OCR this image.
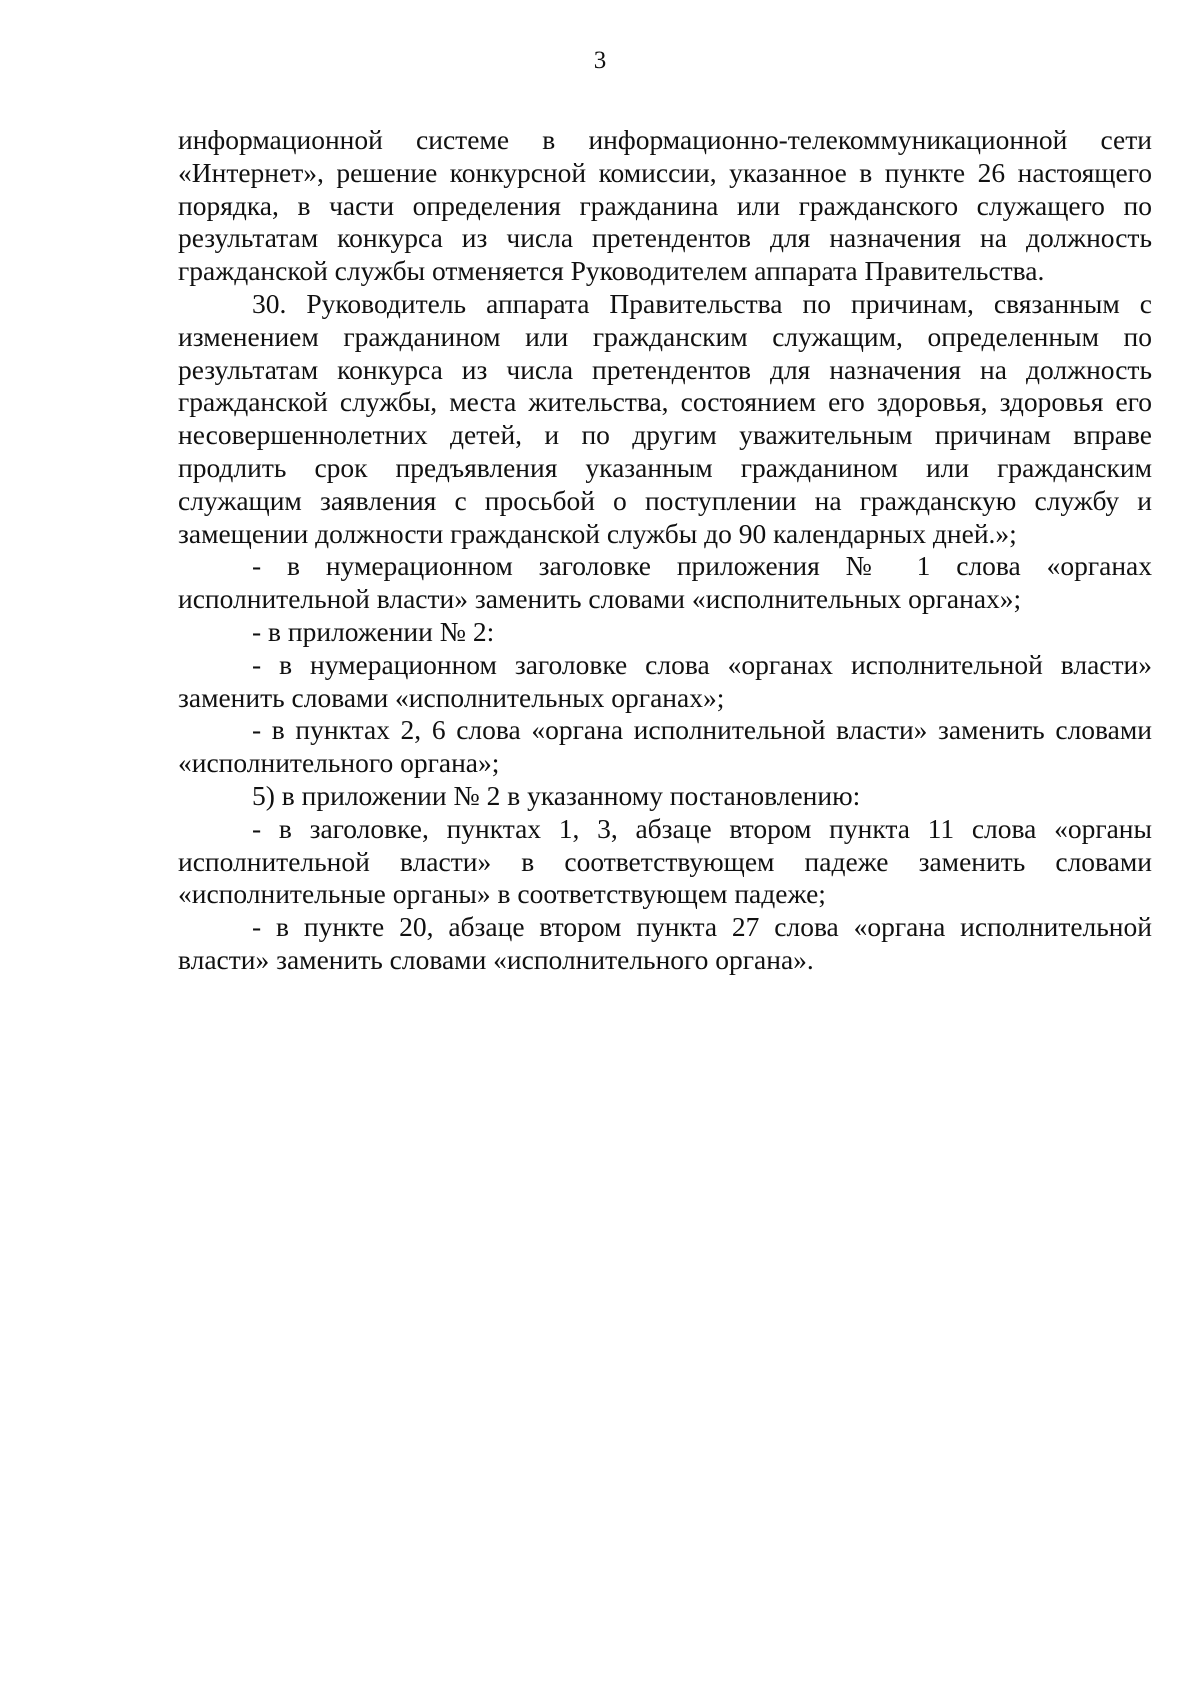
3

информационной системе в информационно-телекоммуникационной сети «Интернет», решение конкурсной комиссии, указанное в пункте 26 настоящего порядка, в части определения гражданина или гражданского служащего по результатам конкурса из числа претендентов для назначения на должность гражданской службы отменяется Руководителем аппарата Правительства.

30. Руководитель аппарата Правительства по причинам, связанным с изменением гражданином или гражданским служащим, определенным по результатам конкурса из числа претендентов для назначения на должность гражданской службы, места жительства, состоянием его здоровья, здоровья его несовершеннолетних детей, и по другим уважительным причинам вправе продлить срок предъявления указанным гражданином или гражданским служащим заявления с просьбой о поступлении на гражданскую службу и замещении должности гражданской службы до 90 календарных дней.»;

- в нумерационном заголовке приложения № 1 слова «органах исполнительной власти» заменить словами «исполнительных органах»;

- в приложении № 2:

- в нумерационном заголовке слова «органах исполнительной власти» заменить словами «исполнительных органах»;

- в пунктах 2, 6 слова «органа исполнительной власти» заменить словами «исполнительного органа»;

5) в приложении № 2 в указанному постановлению:

- в заголовке, пунктах 1, 3, абзаце втором пункта 11 слова «органы исполнительной власти» в соответствующем падеже заменить словами «исполнительные органы» в соответствующем падеже;

- в пункте 20, абзаце втором пункта 27 слова «органа исполнительной власти» заменить словами «исполнительного органа».
